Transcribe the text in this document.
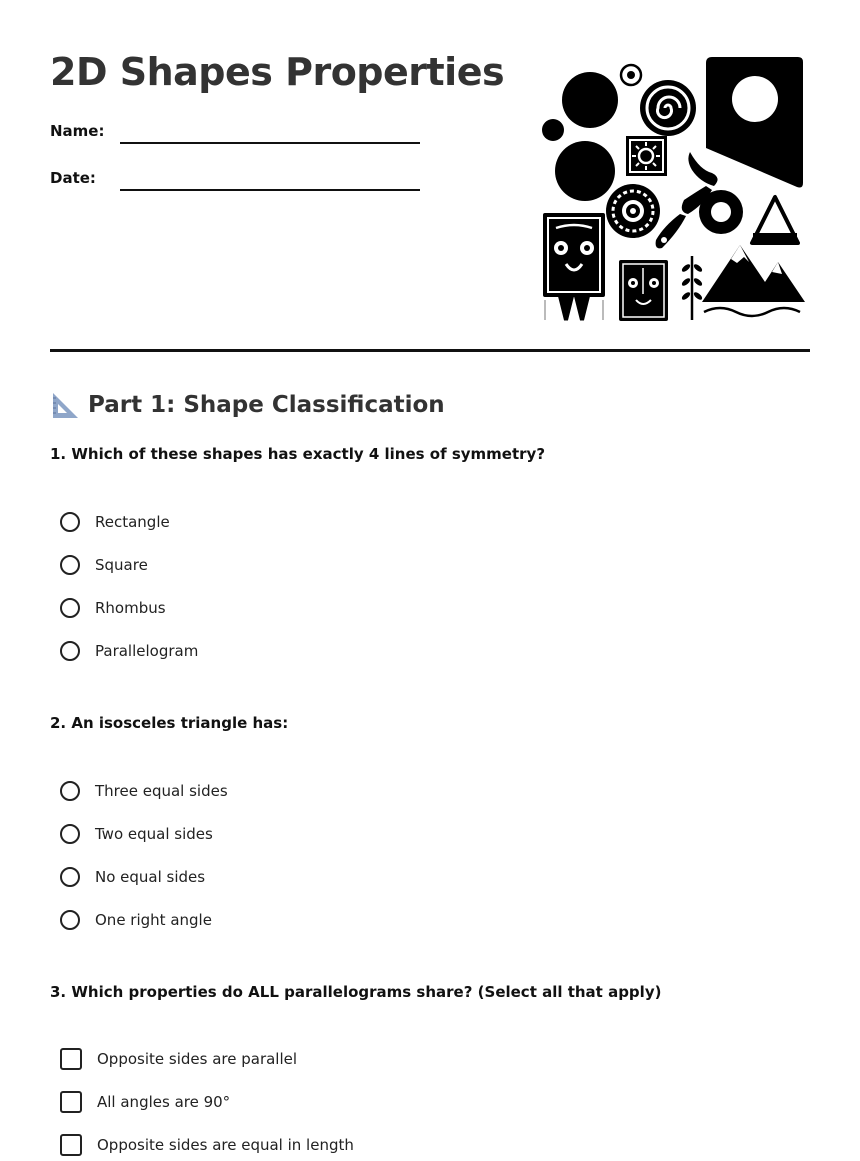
2D Shapes Properties
Name:
Date:
Part 1: Shape Classification
1. Which of these shapes has exactly 4 lines of symmetry?
Rectangle
Square
Rhombus
Parallelogram
2. An isosceles triangle has:
Three equal sides
Two equal sides
No equal sides
One right angle
3. Which properties do ALL parallelograms share? (Select all that apply)
Opposite sides are parallel
All angles are 90°
Opposite sides are equal in length
